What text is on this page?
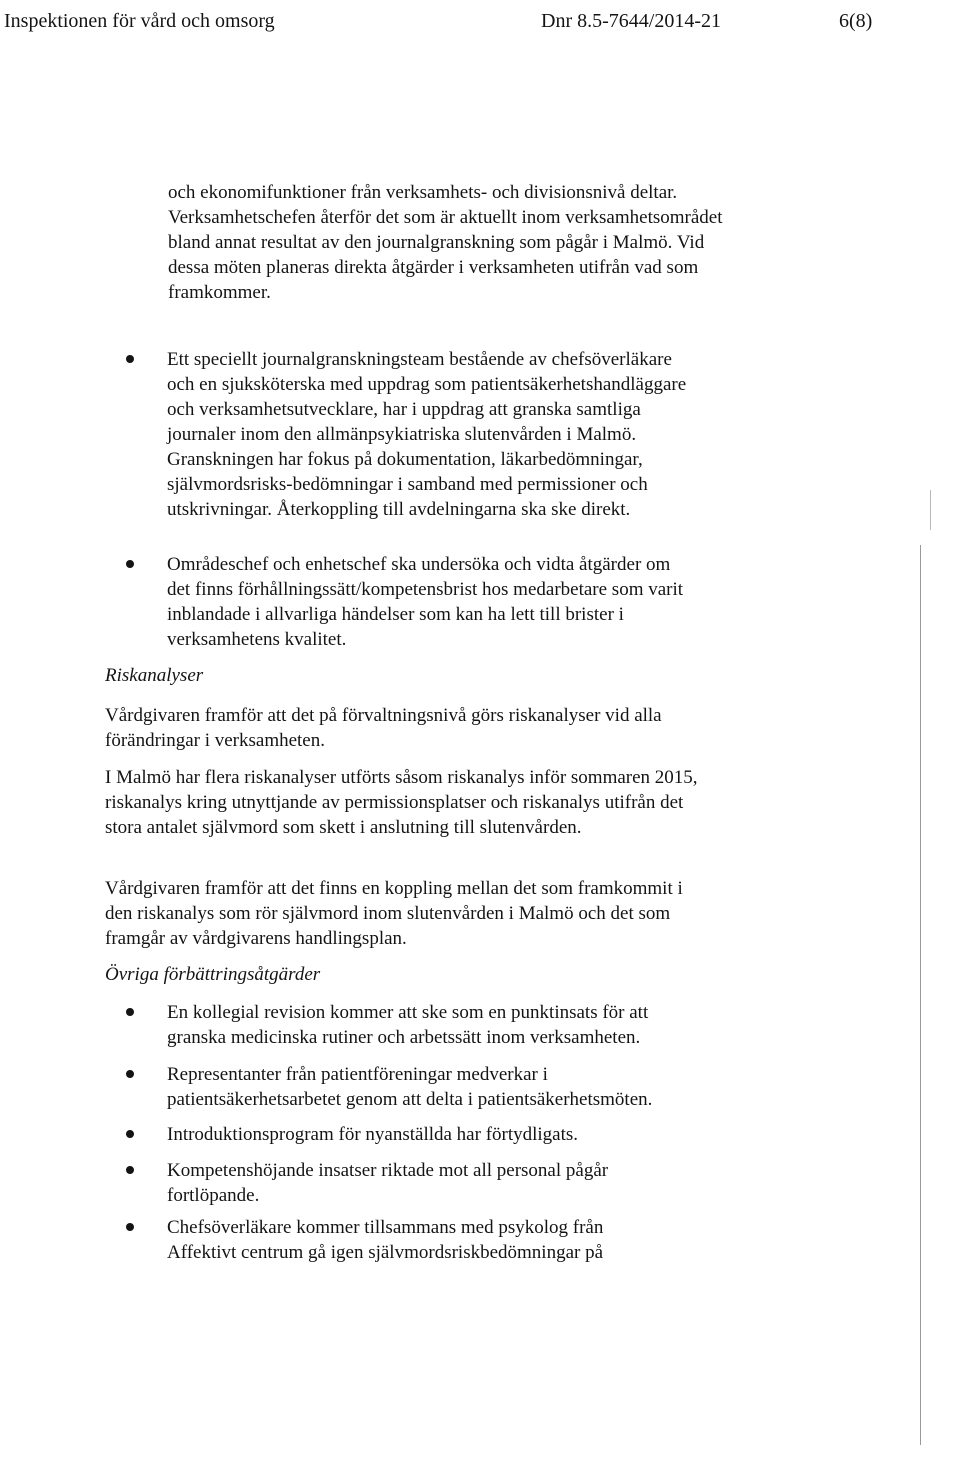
Inspektionen för vård och omsorg	Dnr 8.5-7644/2014-21	6(8)

och ekonomifunktioner från verksamhets- och divisionsnivå deltar. Verksamhetschefen återför det som är aktuellt inom verksamhetsområdet bland annat resultat av den journalgranskning som pågår i Malmö. Vid dessa möten planeras direkta åtgärder i verksamheten utifrån vad som framkommer.

Ett speciellt journalgranskningsteam bestående av chefsöverläkare och en sjuksköterska med uppdrag som patientsäkerhetshandläggare och verksamhetsutvecklare, har i uppdrag att granska samtliga journaler inom den allmänpsykiatriska slutenvården i Malmö. Granskningen har fokus på dokumentation, läkarbedömningar, självmordsrisks-bedömningar i samband med permissioner och utskrivningar. Återkoppling till avdelningarna ska ske direkt.

Områdeschef och enhetschef ska undersöka och vidta åtgärder om det finns förhållningssätt/kompetensbrist hos medarbetare som varit inblandade i allvarliga händelser som kan ha lett till brister i verksamhetens kvalitet.

Riskanalyser

Vårdgivaren framför att det på förvaltningsnivå görs riskanalyser vid alla förändringar i verksamheten.

I Malmö har flera riskanalyser utförts såsom riskanalys inför sommaren 2015, riskanalys kring utnyttjande av permissionsplatser och riskanalys utifrån det stora antalet självmord som skett i anslutning till slutenvården.

Vårdgivaren framför att det finns en koppling mellan det som framkommit i den riskanalys som rör självmord inom slutenvården i Malmö och det som framgår av vårdgivarens handlingsplan.

Övriga förbättringsåtgärder

En kollegial revision kommer att ske som en punktinsats för att granska medicinska rutiner och arbetssätt inom verksamheten.

Representanter från patientföreningar medverkar i patientsäkerhetsarbetet genom att delta i patientsäkerhetsmöten.

Introduktionsprogram för nyanställda har förtydligats.

Kompetenshöjande insatser riktade mot all personal pågår fortlöpande.

Chefsöverläkare kommer tillsammans med psykolog från Affektivt centrum gå igen självmordsriskbedömningar på
